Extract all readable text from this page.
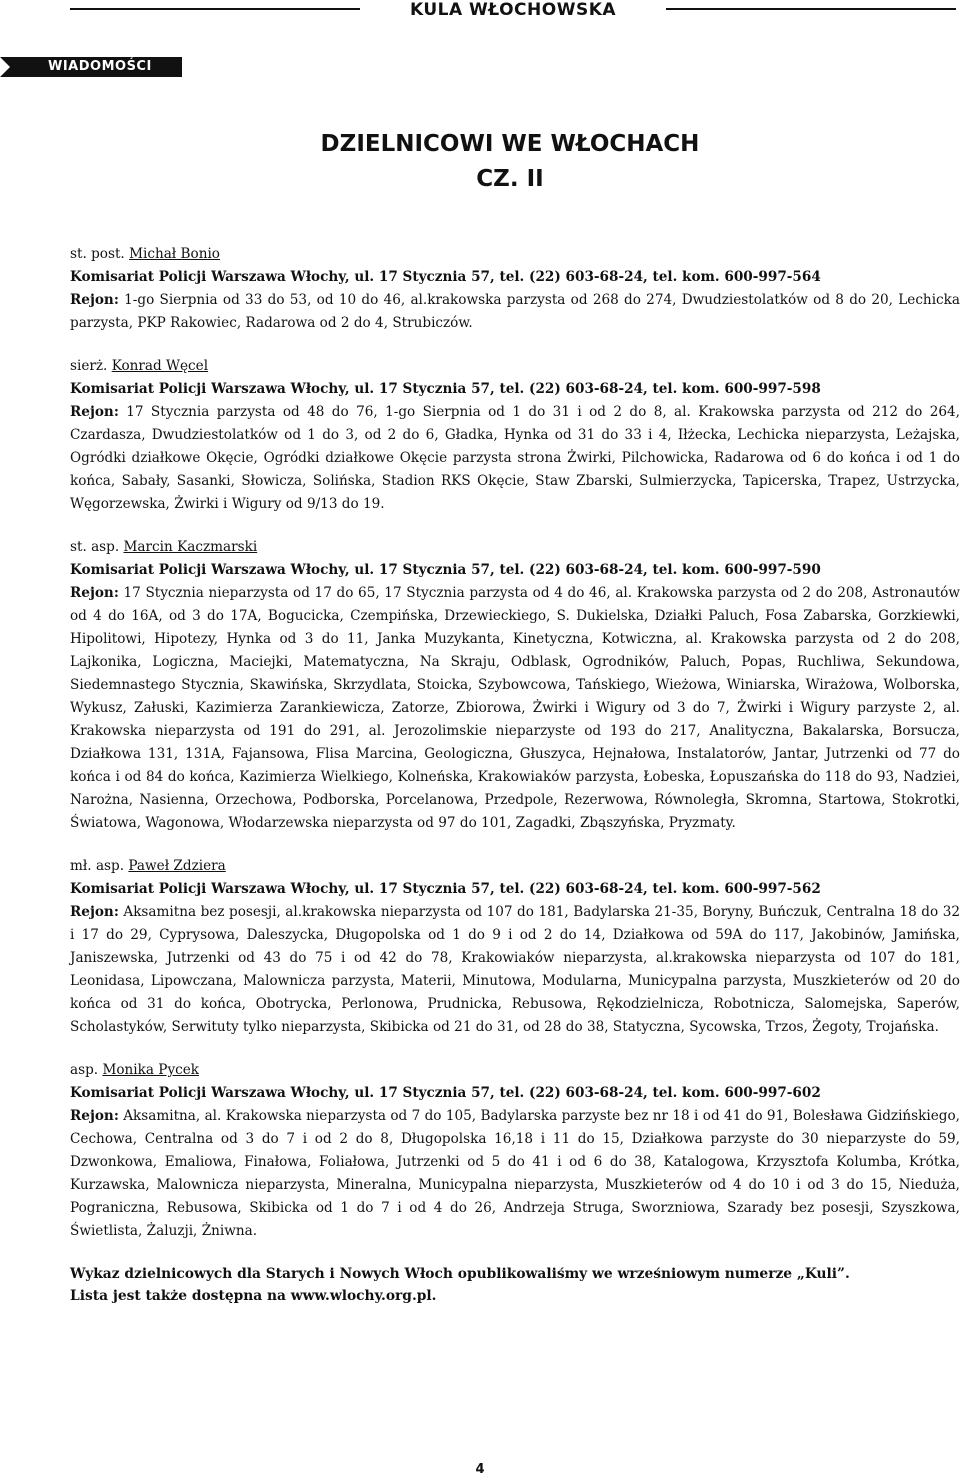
KULA WŁOCHOWSKA
WIADOMOŚCI
DZIELNICOWI WE WŁOCHACH
CZ. II

st. post. Michał Bonio

Komisariat Policji Warszawa Włochy, ul. 17 Stycznia 57, tel. (22) 603-68-24, tel. kom. 600-997-564

Rejon: 1-go Sierpnia od 33 do 53, od 10 do 46, al.krakowska parzysta od 268 do 274, Dwudziestolatków od 8 do 20, Lechicka parzysta, PKP Rakowiec, Radarowa od 2 do 4, Strubiczów.

sierż. Konrad Węcel

Komisariat Policji Warszawa Włochy, ul. 17 Stycznia 57, tel. (22) 603-68-24, tel. kom. 600-997-598

Rejon: 17 Stycznia parzysta od 48 do 76, 1-go Sierpnia od 1 do 31 i od 2 do 8, al. Krakowska parzysta od 212 do 264, Czardasza, Dwudziestolatków od 1 do 3, od 2 do 6, Gładka, Hynka od 31 do 33 i 4, Iłżecka, Lechicka nieparzysta, Leżajska, Ogródki działkowe Okęcie, Ogródki działkowe Okęcie parzysta strona Żwirki, Pilchowicka, Radarowa od 6 do końca i od 1 do końca, Sabały, Sasanki, Słowicza, Solińska, Stadion RKS Okęcie, Staw Zbarski, Sulmierzycka, Tapicerska, Trapez, Ustrzycka, Węgorzewska, Żwirki i Wigury od 9/13 do 19.

st. asp. Marcin Kaczmarski

Komisariat Policji Warszawa Włochy, ul. 17 Stycznia 57, tel. (22) 603-68-24, tel. kom. 600-997-590

Rejon: 17 Stycznia nieparzysta od 17 do 65, 17 Stycznia parzysta od 4 do 46, al. Krakowska parzysta od 2 do 208, Astronautów od 4 do 16A, od 3 do 17A, Bogucicka, Czempińska, Drzewieckiego, S. Dukielska, Działki Paluch, Fosa Zabarska, Gorzkiewki, Hipolitowi, Hipotezy, Hynka od 3 do 11, Janka Muzykanta, Kinetyczna, Kotwiczna, al. Krakowska parzysta od 2 do 208, Lajkonika, Logiczna, Maciejki, Matematyczna, Na Skraju, Odblask, Ogrodników, Paluch, Popas, Ruchliwa, Sekundowa, Siedemnastego Stycznia, Skawińska, Skrzydlata, Stoicka, Szybowcowa, Tańskiego, Wieżowa, Winiarska, Wirażowa, Wolborska, Wykusz, Załuski, Kazimierza Zarankiewicza, Zatorze, Zbiorowa, Żwirki i Wigury od 3 do 7, Żwirki i Wigury parzyste 2, al. Krakowska nieparzysta od 191 do 291, al. Jerozolimskie nieparzyste od 193 do 217, Analityczna, Bakalarska, Borsucza, Działkowa 131, 131A, Fajansowa, Flisa Marcina, Geologiczna, Głuszyca, Hejnałowa, Instalatorów, Jantar, Jutrzenki od 77 do końca i od 84 do końca, Kazimierza Wielkiego, Kolneńska, Krakowiaków parzysta, Łobeska, Łopuszańska do 118 do 93, Nadziei, Narożna, Nasienna, Orzechowa, Podborska, Porcelanowa, Przedpole, Rezerwowa, Równoległa, Skromna, Startowa, Stokrotki, Światowa, Wagonowa, Włodarzewska nieparzysta od 97 do 101, Zagadki, Zbąszyńska, Pryzmaty.

mł. asp. Paweł Zdziera

Komisariat Policji Warszawa Włochy, ul. 17 Stycznia 57, tel. (22) 603-68-24, tel. kom. 600-997-562

Rejon: Aksamitna bez posesji, al.krakowska nieparzysta od 107 do 181, Badylarska 21-35, Boryny, Buńczuk, Centralna 18 do 32 i 17 do 29, Cyprysowa, Daleszycka, Długopolska od 1 do 9 i od 2 do 14, Działkowa od 59A do 117, Jakobinów, Jamińska, Janiszewska, Jutrzenki od 43 do 75 i od 42 do 78, Krakowiaków nieparzysta, al.krakowska nieparzysta od 107 do 181, Leonidasa, Lipowczana, Malownicza parzysta, Materii, Minutowa, Modularna, Municypalna parzysta, Muszkieterów od 20 do końca od 31 do końca, Obotrycka, Perlonowa, Prudnicka, Rebusowa, Rękodzielnicza, Robotnicza, Salomejska, Saperów, Scholastyków, Serwituty tylko nieparzysta, Skibicka od 21 do 31, od 28 do 38, Statyczna, Sycowska, Trzos, Żegoty, Trojańska.

asp. Monika Pycek

Komisariat Policji Warszawa Włochy, ul. 17 Stycznia 57, tel. (22) 603-68-24, tel. kom. 600-997-602

Rejon: Aksamitna, al. Krakowska nieparzysta od 7 do 105, Badylarska parzyste bez nr 18 i od 41 do 91, Bolesława Gidzińskiego, Cechowa, Centralna od 3 do 7 i od 2 do 8, Długopolska 16,18 i 11 do 15, Działkowa parzyste do 30 nieparzyste do 59, Dzwonkowa, Emaliowa, Finałowa, Foliałowa, Jutrzenki od 5 do 41 i od 6 do 38, Katalogowa, Krzysztofa Kolumba, Krótka, Kurzawska, Malownicza nieparzysta, Mineralna, Municypalna nieparzysta, Muszkieterów od 4 do 10 i od 3 do 15, Nieduża, Pograniczna, Rebusowa, Skibicka od 1 do 7 i od 4 do 26, Andrzeja Struga, Sworzniowa, Szarady bez posesji, Szyszkowa, Świetlista, Żaluzji, Żniwna.

Wykaz dzielnicowych dla Starych i Nowych Włoch opublikowaliśmy we wrześniowym numerze „Kuli”.
Lista jest także dostępna na www.wlochy.org.pl.
4
